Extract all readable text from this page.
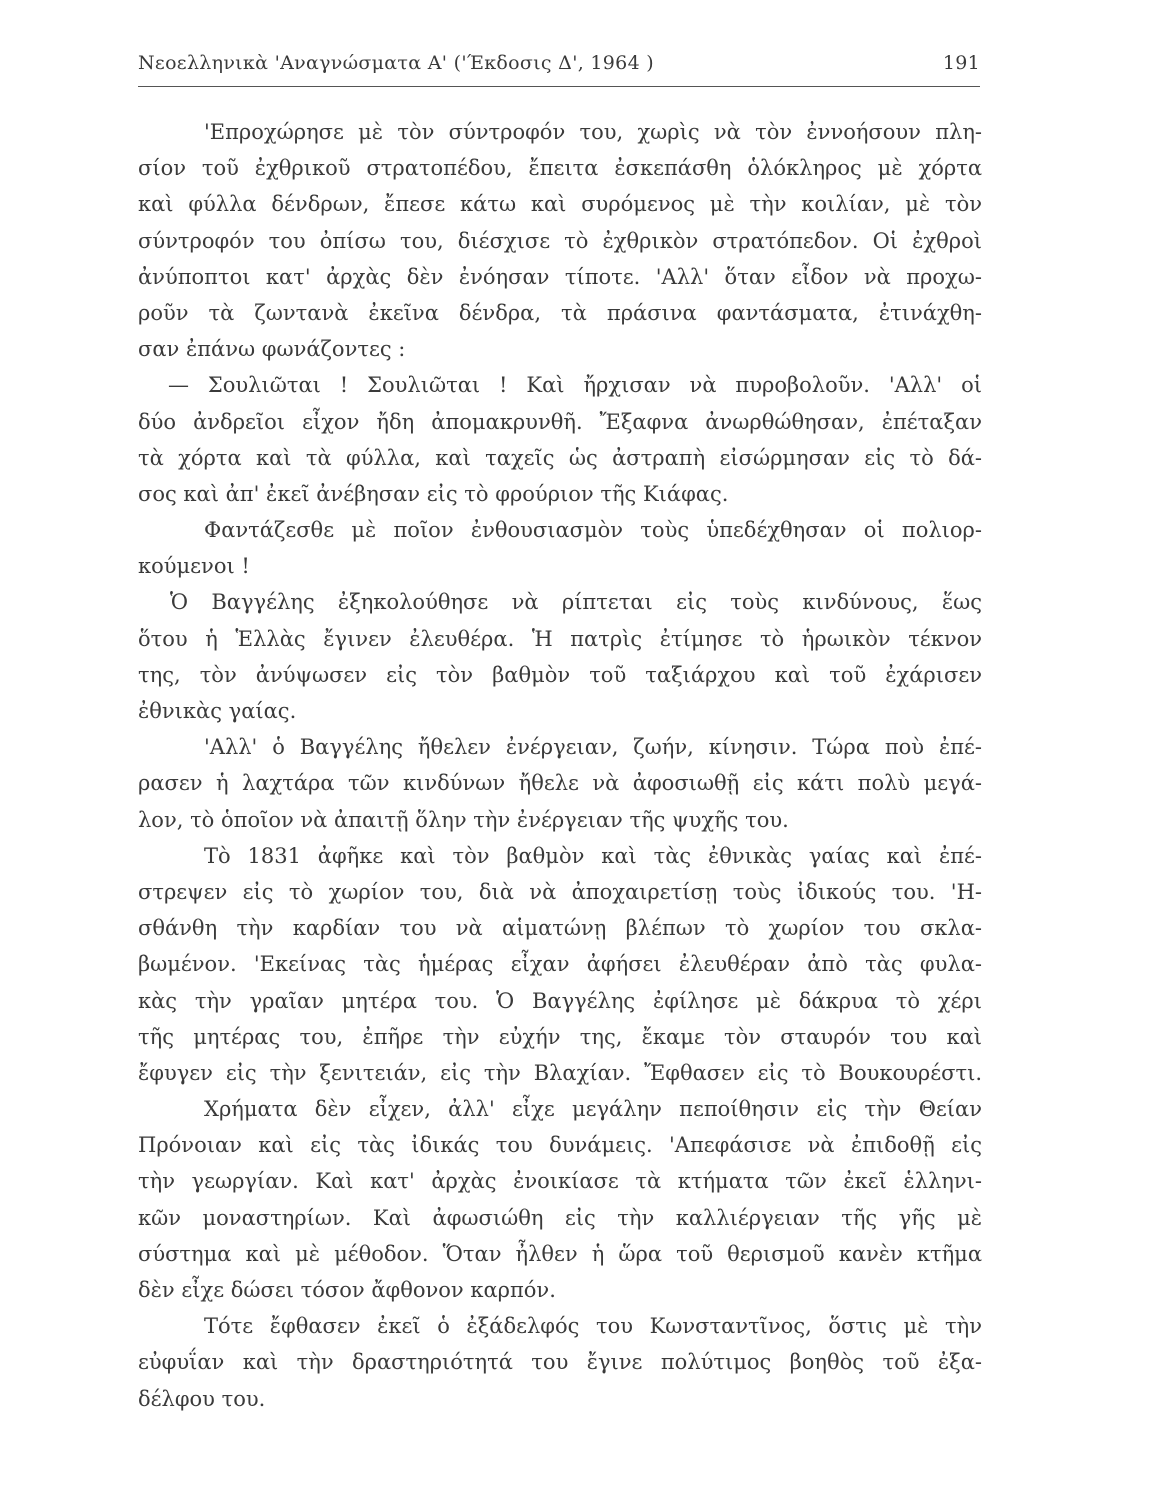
Νεοελληνικὰ 'Αναγνώσματα Α' ('Έκδοσις Δ', 1964 )	191
'Επροχώρησε μὲ τὸν σύντροφόν του, χωρὶς νὰ τὸν ἐννοήσουν πλη-
σίον τοῦ ἐχθρικοῦ στρατοπέδου, ἔπειτα ἐσκεπάσθη ὁλόκληρος μὲ χόρτα
καὶ φύλλα δένδρων, ἔπεσε κάτω καὶ συρόμενος μὲ τὴν κοιλίαν, μὲ τὸν
σύντροφόν του ὀπίσω του, διέσχισε τὸ ἐχθρικὸν στρατόπεδον. Οἱ ἐχθροὶ
ἀνύποπτοι κατ' ἀρχὰς δὲν ἐνόησαν τίποτε. 'Αλλ' ὅταν εἶδον νὰ προχω-
ροῦν τὰ ζωντανὰ ἐκεῖνα δένδρα, τὰ πράσινα φαντάσματα, ἐτινάχθη-
σαν ἐπάνω φωνάζοντες :
— Σουλιῶται ! Σουλιῶται ! Καὶ ἤρχισαν νὰ πυροβολοῦν. 'Αλλ' οἱ
δύο ἀνδρεῖοι εἶχον ἤδη ἀπομακρυνθῆ. Ἔξαφνα ἀνωρθώθησαν, ἐπέταξαν
τὰ χόρτα καὶ τὰ φύλλα, καὶ ταχεῖς ὡς ἀστραπὴ εἰσώρμησαν εἰς τὸ δά-
σος καὶ ἀπ' ἐκεῖ ἀνέβησαν εἰς τὸ φρούριον τῆς Κιάφας.
Φαντάζεσθε μὲ ποῖον ἐνθουσιασμὸν τοὺς ὑπεδέχθησαν οἱ πολιορ-
κούμενοι !
Ὁ Βαγγέλης ἐξηκολούθησε νὰ ρίπτεται εἰς τοὺς κινδύνους, ἕως
ὅτου ἡ Ἑλλὰς ἔγινεν ἐλευθέρα. Ἡ πατρὶς ἐτίμησε τὸ ἡρωικὸν τέκνον
της, τὸν ἀνύψωσεν εἰς τὸν βαθμὸν τοῦ ταξιάρχου καὶ τοῦ ἐχάρισεν
ἐθνικὰς γαίας.
'Αλλ' ὁ Βαγγέλης ἤθελεν ἐνέργειαν, ζωήν, κίνησιν. Τώρα ποὺ ἐπέ-
ρασεν ἡ λαχτάρα τῶν κινδύνων ἤθελε νὰ ἀφοσιωθῇ εἰς κάτι πολὺ μεγά-
λον, τὸ ὁποῖον νὰ ἀπαιτῇ ὅλην τὴν ἐνέργειαν τῆς ψυχῆς του.
Τὸ 1831 ἀφῆκε καὶ τὸν βαθμὸν καὶ τὰς ἐθνικὰς γαίας καὶ ἐπέ-
στρεψεν εἰς τὸ χωρίον του, διὰ νὰ ἀποχαιρετίσῃ τοὺς ἰδικούς του. 'Η-
σθάνθη τὴν καρδίαν του νὰ αἱματώνῃ βλέπων τὸ χωρίον του σκλα-
βωμένον. 'Εκείνας τὰς ἡμέρας εἶχαν ἀφήσει ἐλευθέραν ἀπὸ τὰς φυλα-
κὰς τὴν γραῖαν μητέρα του. Ὁ Βαγγέλης ἐφίλησε μὲ δάκρυα τὸ χέρι
τῆς μητέρας του, ἐπῆρε τὴν εὐχήν της, ἔκαμε τὸν σταυρόν του καὶ
ἔφυγεν εἰς τὴν ξενιτειάν, εἰς τὴν Βλαχίαν. Ἔφθασεν εἰς τὸ Βουκουρέστι.
Χρήματα δὲν εἶχεν, ἀλλ' εἶχε μεγάλην πεποίθησιν εἰς τὴν Θείαν
Πρόνοιαν καὶ εἰς τὰς ἰδικάς του δυνάμεις. 'Απεφάσισε νὰ ἐπιδοθῇ εἰς
τὴν γεωργίαν. Καὶ κατ' ἀρχὰς ἐνοικίασε τὰ κτήματα τῶν ἐκεῖ ἑλληνι-
κῶν μοναστηρίων. Καὶ ἀφωσιώθη εἰς τὴν καλλιέργειαν τῆς γῆς μὲ
σύστημα καὶ μὲ μέθοδον. Ὅταν ἦλθεν ἡ ὥρα τοῦ θερισμοῦ κανὲν κτῆμα
δὲν εἶχε δώσει τόσον ἄφθονον καρπόν.
Τότε ἔφθασεν ἐκεῖ ὁ ἐξάδελφός του Κωνσταντῖνος, ὅστις μὲ τὴν
εὐφυΐαν καὶ τὴν δραστηριότητά του ἔγινε πολύτιμος βοηθὸς τοῦ ἐξα-
δέλφου του.
